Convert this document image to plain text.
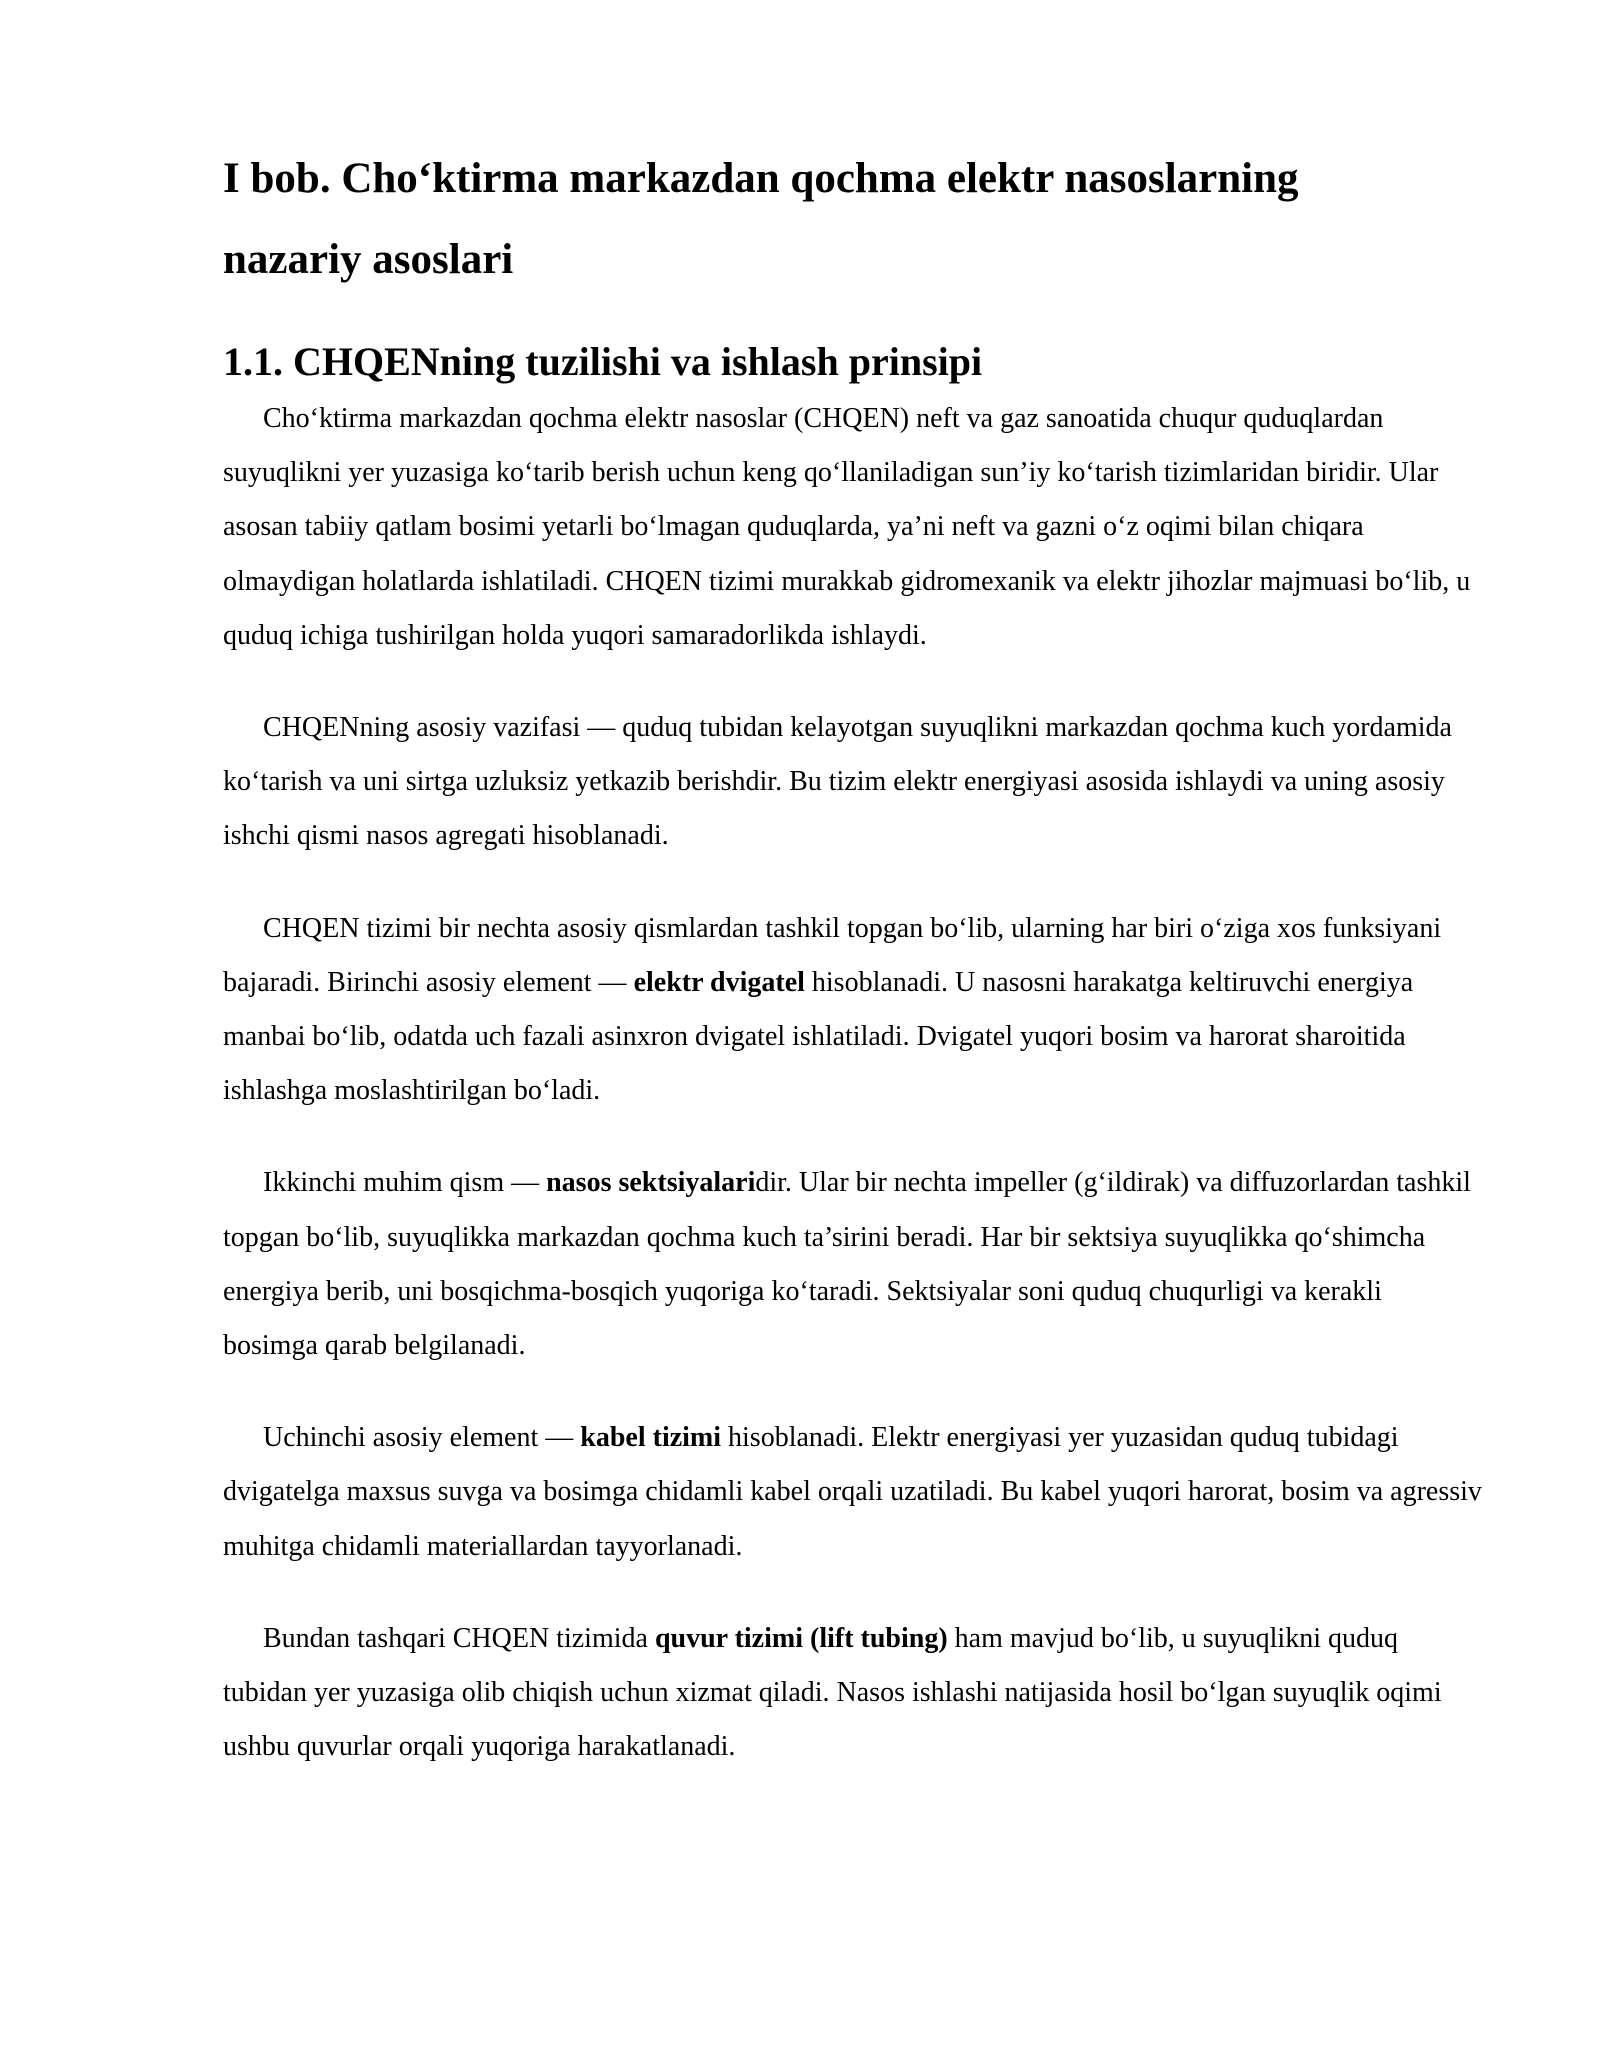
I bob. Cho‘ktirma markazdan qochma elektr nasoslarning
nazariy asoslari
1.1. CHQENning tuzilishi va ishlash prinsipi

Cho‘ktirma markazdan qochma elektr nasoslar (CHQEN) neft va gaz sanoatida chuqur quduqlardan suyuqlikni yer yuzasiga ko‘tarib berish uchun keng qo‘llaniladigan sun’iy ko‘tarish tizimlaridan biridir. Ular asosan tabiiy qatlam bosimi yetarli bo‘lmagan quduqlarda, ya’ni neft va gazni o‘z oqimi bilan chiqara olmaydigan holatlarda ishlatiladi. CHQEN tizimi murakkab gidromexanik va elektr jihozlar majmuasi bo‘lib, u quduq ichiga tushirilgan holda yuqori samaradorlikda ishlaydi.

CHQENning asosiy vazifasi — quduq tubidan kelayotgan suyuqlikni markazdan qochma kuch yordamida ko‘tarish va uni sirtga uzluksiz yetkazib berishdir. Bu tizim elektr energiyasi asosida ishlaydi va uning asosiy ishchi qismi nasos agregati hisoblanadi.

CHQEN tizimi bir nechta asosiy qismlardan tashkil topgan bo‘lib, ularning har biri o‘ziga xos funksiyani bajaradi. Birinchi asosiy element — elektr dvigatel hisoblanadi. U nasosni harakatga keltiruvchi energiya manbai bo‘lib, odatda uch fazali asinxron dvigatel ishlatiladi. Dvigatel yuqori bosim va harorat sharoitida ishlashga moslashtirilgan bo‘ladi.

Ikkinchi muhim qism — nasos sektsiyalaridir. Ular bir nechta impeller (g‘ildirak) va diffuzorlardan tashkil topgan bo‘lib, suyuqlikka markazdan qochma kuch ta’sirini beradi. Har bir sektsiya suyuqlikka qo‘shimcha energiya berib, uni bosqichma-bosqich yuqoriga ko‘taradi. Sektsiyalar soni quduq chuqurligi va kerakli bosimga qarab belgilanadi.

Uchinchi asosiy element — kabel tizimi hisoblanadi. Elektr energiyasi yer yuzasidan quduq tubidagi dvigatelga maxsus suvga va bosimga chidamli kabel orqali uzatiladi. Bu kabel yuqori harorat, bosim va agressiv muhitga chidamli materiallardan tayyorlanadi.

Bundan tashqari CHQEN tizimida quvur tizimi (lift tubing) ham mavjud bo‘lib, u suyuqlikni quduq tubidan yer yuzasiga olib chiqish uchun xizmat qiladi. Nasos ishlashi natijasida hosil bo‘lgan suyuqlik oqimi ushbu quvurlar orqali yuqoriga harakatlanadi.
